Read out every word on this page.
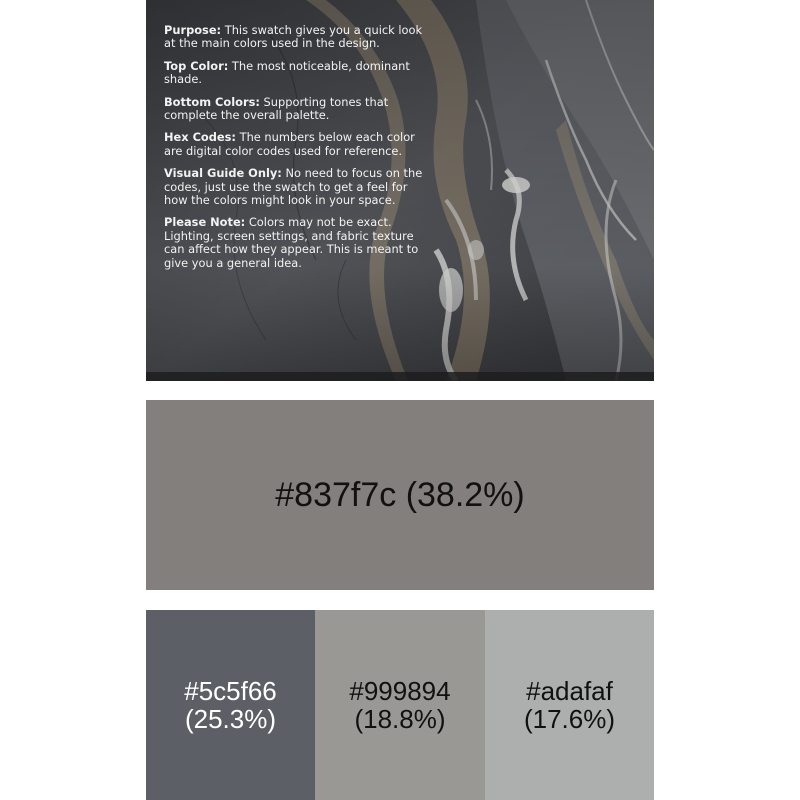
Purpose: This swatch gives you a quick look at the main colors used in the design.

Top Color: The most noticeable, dominant shade.

Bottom Colors: Supporting tones that complete the overall palette.

Hex Codes: The numbers below each color are digital color codes used for reference.

Visual Guide Only: No need to focus on the codes, just use the swatch to get a feel for how the colors might look in your space.

Please Note: Colors may not be exact. Lighting, screen settings, and fabric texture can affect how they appear. This is meant to give you a general idea.

#837f7c (38.2%)
#5c5f66
(25.3%)
#999894
(18.8%)
#adafaf
(17.6%)
